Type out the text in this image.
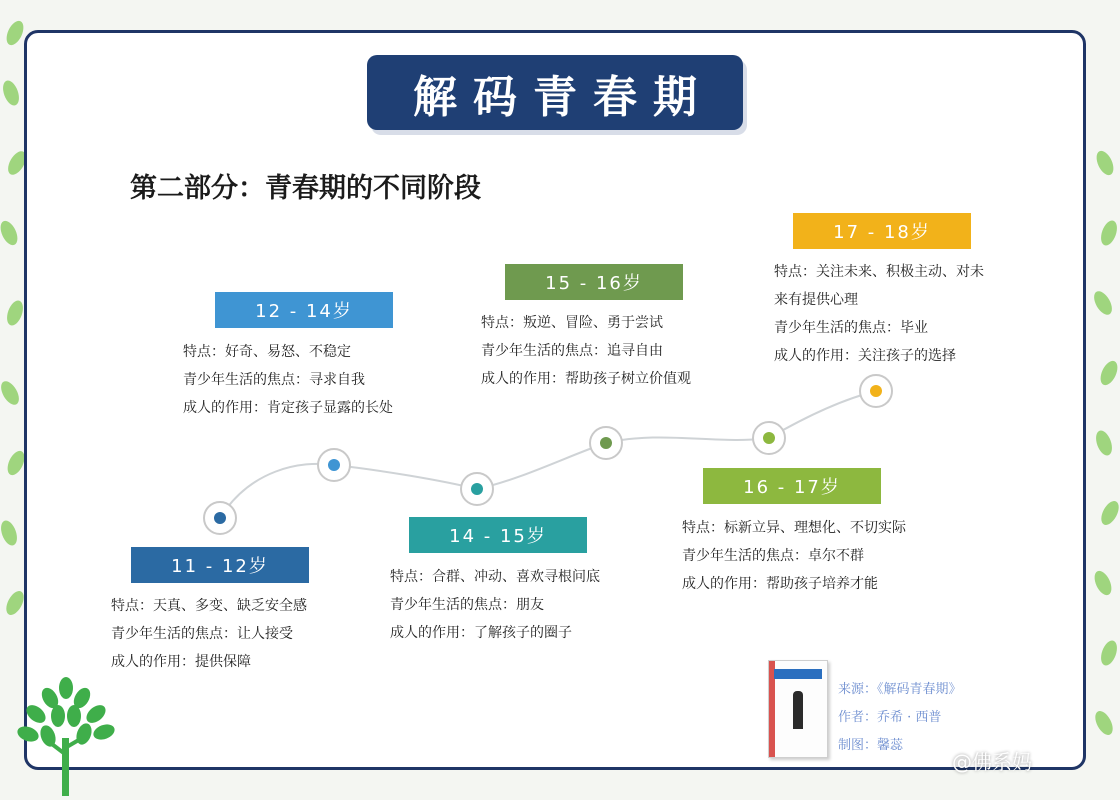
解码青春期
第二部分：青春期的不同阶段
11 - 12岁
特点：天真、多变、缺乏安全感
青少年生活的焦点：让人接受
成人的作用：提供保障
12 - 14岁
特点：好奇、易怒、不稳定
青少年生活的焦点：寻求自我
成人的作用：肯定孩子显露的长处
14 - 15岁
特点：合群、冲动、喜欢寻根问底
青少年生活的焦点：朋友
成人的作用：了解孩子的圈子
15 - 16岁
特点：叛逆、冒险、勇于尝试
青少年生活的焦点：追寻自由
成人的作用：帮助孩子树立价值观
16 - 17岁
特点：标新立异、理想化、不切实际
青少年生活的焦点：卓尔不群
成人的作用：帮助孩子培养才能
17 - 18岁
特点：关注未来、积极主动、对未
来有提供心理
青少年生活的焦点：毕业
成人的作用：关注孩子的选择
来源：《解码青春期》
作者：乔希 · 西普
制图：馨蕊
@佛系妈
